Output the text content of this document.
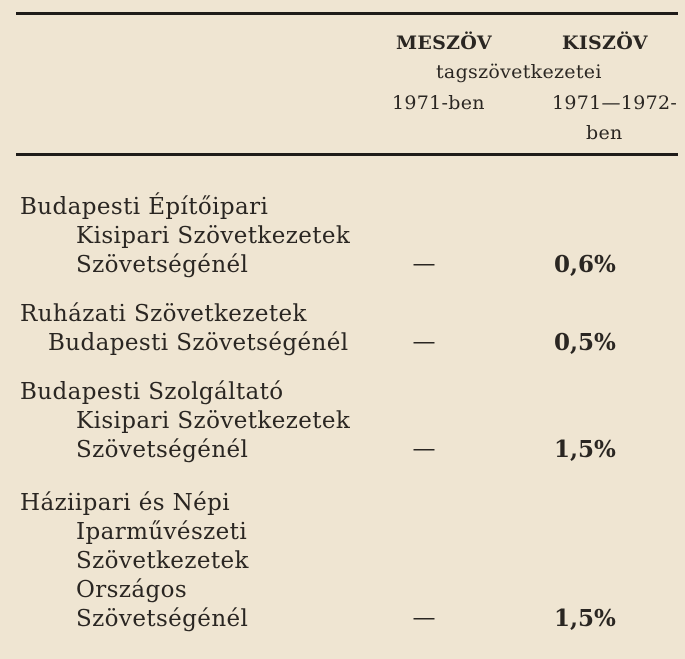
MESZÖV	KISZÖV
tagszövetkezetei
1971-ben	1971—1972-
ben
Budapesti Építőipari
Kisipari Szövetkezetek
Szövetségénél	—	0,6%
Ruházati Szövetkezetek
Budapesti Szövetségénél	—	0,5%
Budapesti Szolgáltató
Kisipari Szövetkezetek
Szövetségénél	—	1,5%
Háziipari és Népi
Iparművészeti
Szövetkezetek
Országos
Szövetségénél	—	1,5%
